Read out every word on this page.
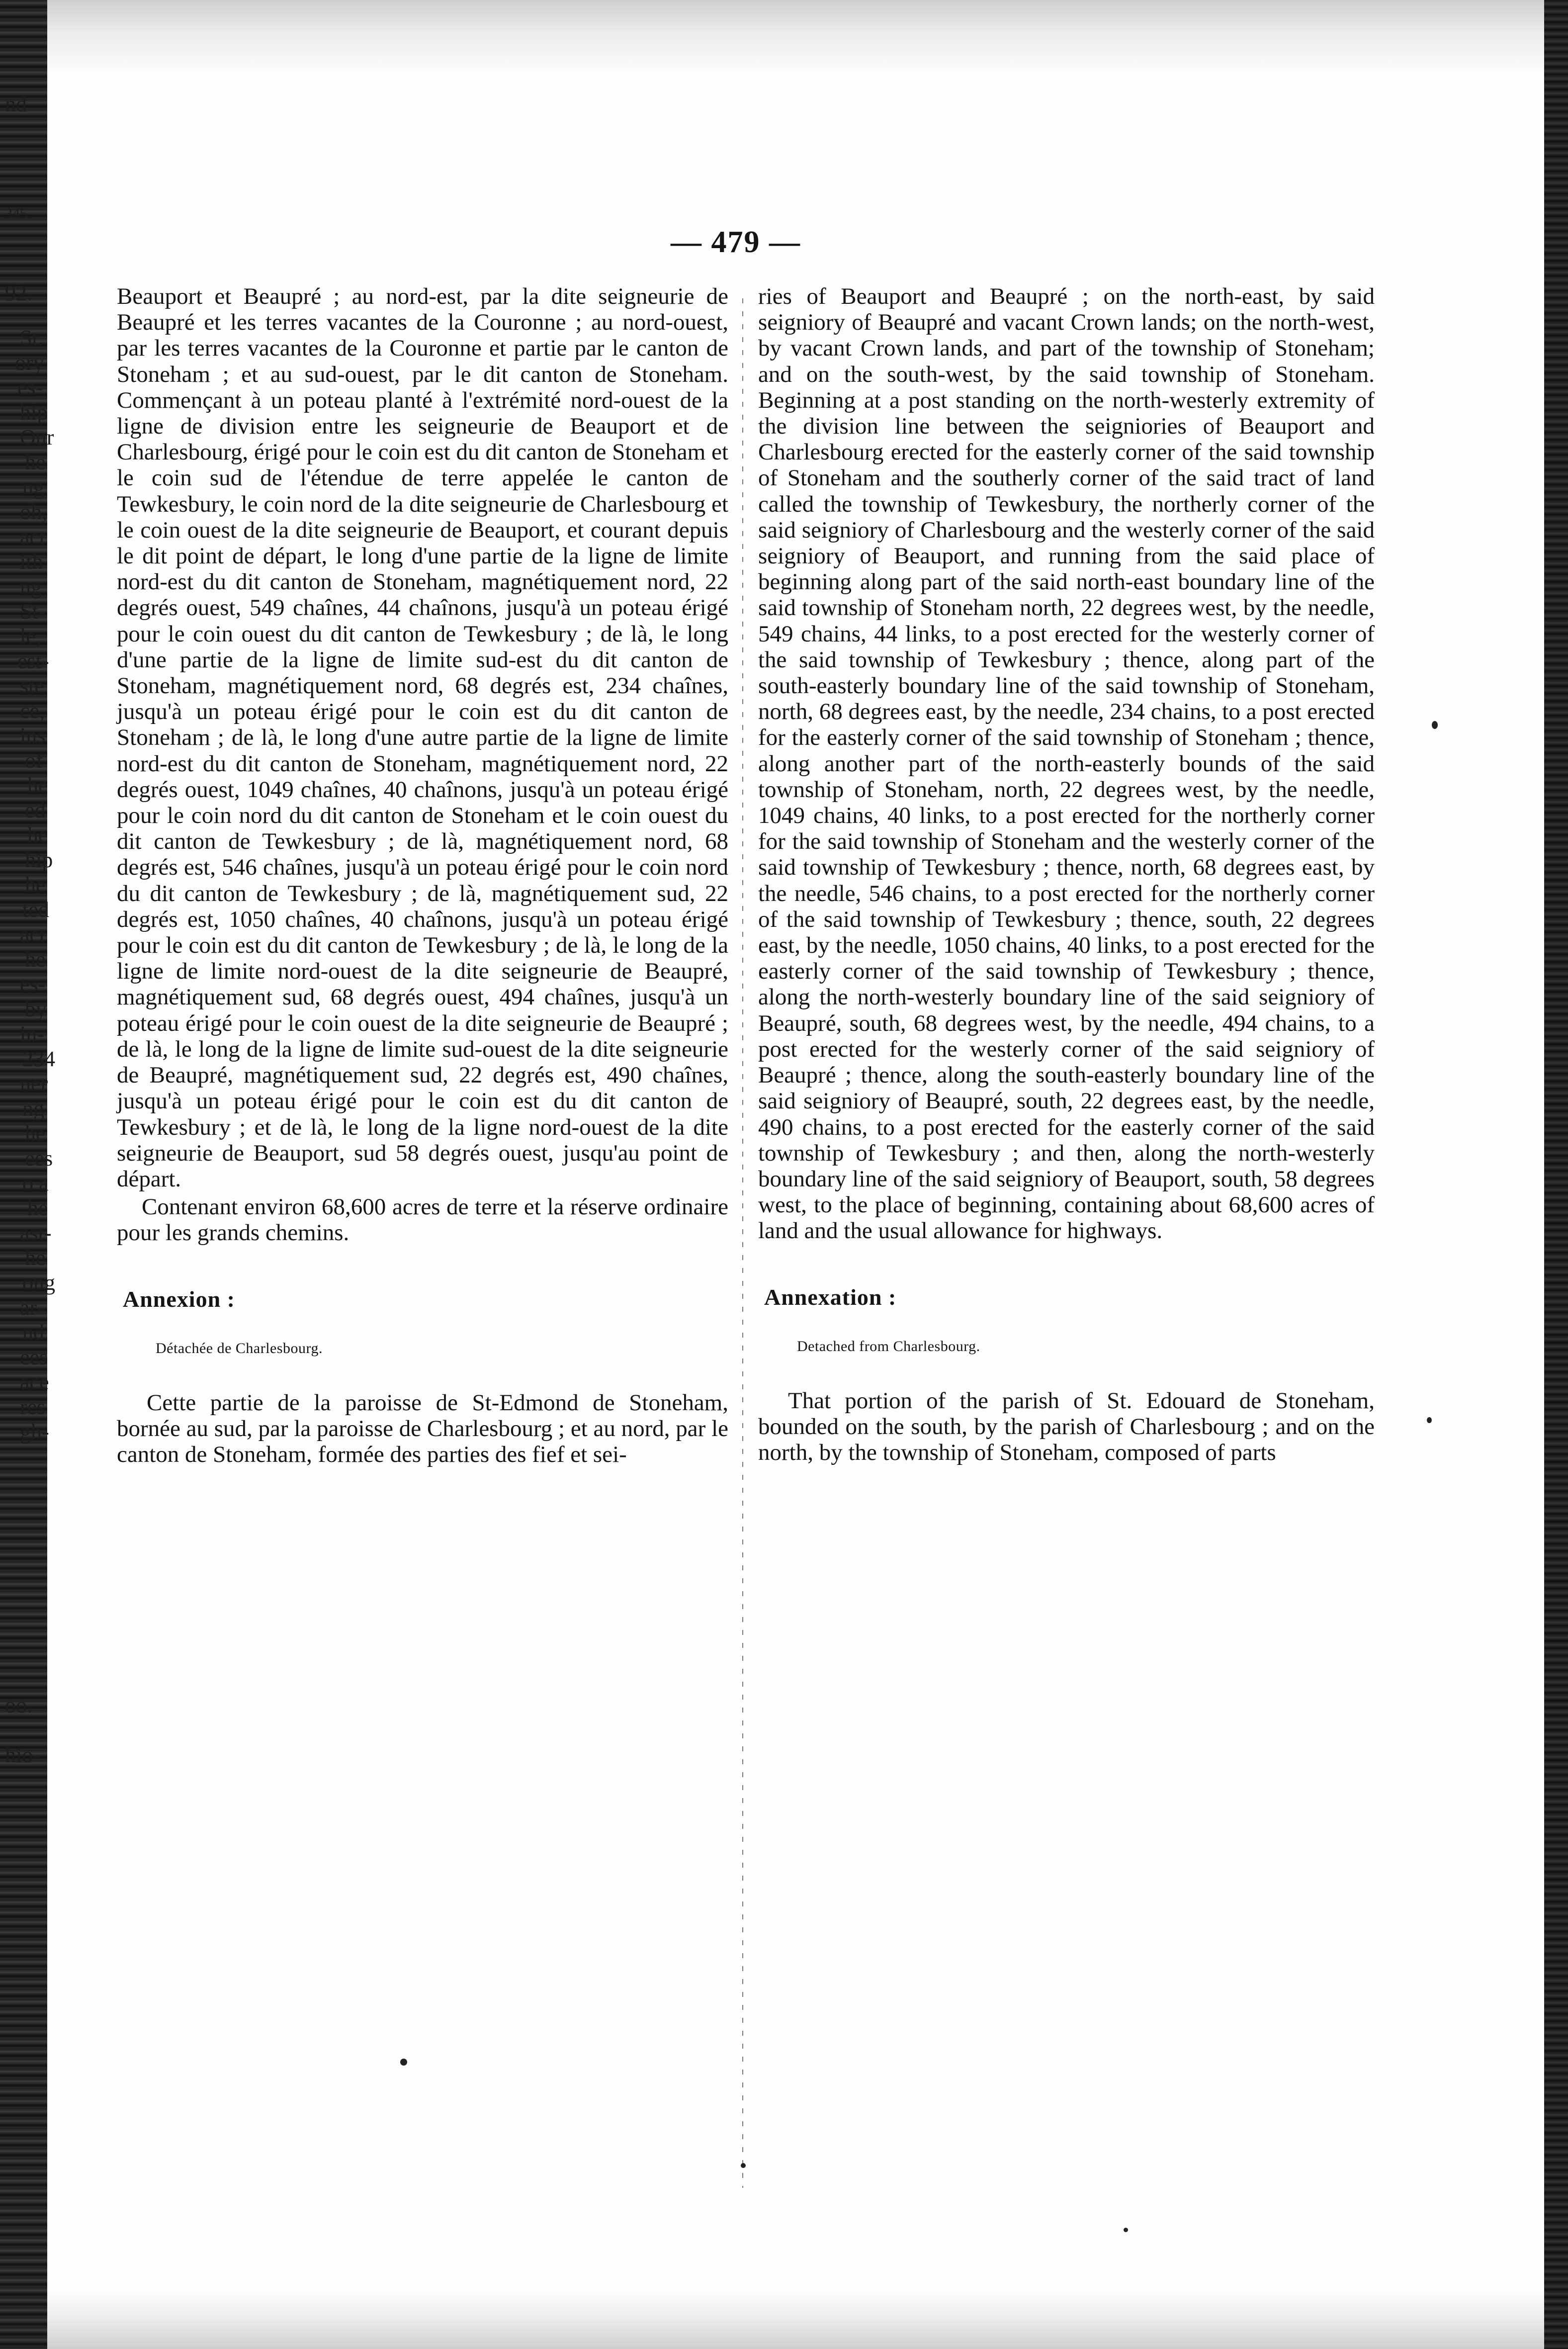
nd
345.
92.
St.
ory
es-
hip
Our
he
ng
oh,
act
ith
ng
St-
le,
est-
ste
ce,
ins
of
he
ed
he
hip
he
ted
act
he
es-
by
in-
234
ner
ng
he
ees
o a
he
ast-
he
ong
ar-
nd
ees
ace
res
gh-
oo.
hio-
— 479 —

Beauport et Beaupré ; au nord-est, par la dite seigneurie de Beaupré et les terres vacantes de la Couronne ; au nord-ouest, par les terres vacantes de la Couronne et partie par le canton de Stoneham ; et au sud-ouest, par le dit canton de Stoneham. Commençant à un poteau planté à l'extrémité nord-ouest de la ligne de division entre les seigneurie de Beauport et de Charlesbourg, érigé pour le coin est du dit canton de Stoneham et le coin sud de l'étendue de terre appelée le canton de Tewkesbury, le coin nord de la dite seigneurie de Charlesbourg et le coin ouest de la dite seigneurie de Beauport, et courant depuis le dit point de départ, le long d'une partie de la ligne de limite nord-est du dit canton de Stoneham, magnétiquement nord, 22 degrés ouest, 549 chaînes, 44 chaînons, jusqu'à un poteau érigé pour le coin ouest du dit canton de Tewkesbury ; de là, le long d'une partie de la ligne de limite sud-est du dit canton de Stoneham, magnétiquement nord, 68 degrés est, 234 chaînes, jusqu'à un poteau érigé pour le coin est du dit canton de Stoneham ; de là, le long d'une autre partie de la ligne de limite nord-est du dit canton de Stoneham, magnétiquement nord, 22 degrés ouest, 1049 chaînes, 40 chaînons, jusqu'à un poteau érigé pour le coin nord du dit canton de Stoneham et le coin ouest du dit canton de Tewkesbury ; de là, magnétiquement nord, 68 degrés est, 546 chaînes, jusqu'à un poteau érigé pour le coin nord du dit canton de Tewkesbury ; de là, magnétiquement sud, 22 degrés est, 1050 chaînes, 40 chaînons, jusqu'à un poteau érigé pour le coin est du dit canton de Tewkesbury ; de là, le long de la ligne de limite nord-ouest de la dite seigneurie de Beaupré, magnétiquement sud, 68 degrés ouest, 494 chaînes, jusqu'à un poteau érigé pour le coin ouest de la dite seigneurie de Beaupré ; de là, le long de la ligne de limite sud-ouest de la dite seigneurie de Beaupré, magnétiquement sud, 22 degrés est, 490 chaînes, jusqu'à un poteau érigé pour le coin est du dit canton de Tewkesbury ; et de là, le long de la ligne nord-ouest de la dite seigneurie de Beauport, sud 58 degrés ouest, jusqu'au point de départ.

Contenant environ 68,600 acres de terre et la réserve ordinaire pour les grands chemins.

Annexion :
Détachée de Charlesbourg.

Cette partie de la paroisse de St-Edmond de Stoneham, bornée au sud, par la paroisse de Charlesbourg ; et au nord, par le canton de Stoneham, formée des parties des fief et sei-

ries of Beauport and Beaupré ; on the north-east, by said seigniory of Beaupré and vacant Crown lands; on the north-west, by vacant Crown lands, and part of the township of Stoneham; and on the south-west, by the said township of Stoneham. Beginning at a post standing on the north-westerly extremity of the division line between the seigniories of Beauport and Charlesbourg erected for the easterly corner of the said township of Stoneham and the southerly corner of the said tract of land called the township of Tewkesbury, the northerly corner of the said seigniory of Charlesbourg and the westerly corner of the said seigniory of Beauport, and running from the said place of beginning along part of the said north-east boundary line of the said township of Stoneham north, 22 degrees west, by the needle, 549 chains, 44 links, to a post erected for the westerly corner of the said township of Tewkesbury ; thence, along part of the south-easterly boundary line of the said township of Stoneham, north, 68 degrees east, by the needle, 234 chains, to a post erected for the easterly corner of the said township of Stoneham ; thence, along another part of the north-easterly bounds of the said township of Stoneham, north, 22 degrees west, by the needle, 1049 chains, 40 links, to a post erected for the northerly corner for the said township of Stoneham and the westerly corner of the said township of Tewkesbury ; thence, north, 68 degrees east, by the needle, 546 chains, to a post erected for the northerly corner of the said township of Tewkesbury ; thence, south, 22 degrees east, by the needle, 1050 chains, 40 links, to a post erected for the easterly corner of the said township of Tewkesbury ; thence, along the north-westerly boundary line of the said seigniory of Beaupré, south, 68 degrees west, by the needle, 494 chains, to a post erected for the westerly corner of the said seigniory of Beaupré ; thence, along the south-easterly boundary line of the said seigniory of Beaupré, south, 22 degrees east, by the needle, 490 chains, to a post erected for the easterly corner of the said township of Tewkesbury ; and then, along the north-westerly boundary line of the said seigniory of Beauport, south, 58 degrees west, to the place of beginning, containing about 68,600 acres of land and the usual allowance for highways.

Annexation :
Detached from Charlesbourg.

That portion of the parish of St. Edouard de Stoneham, bounded on the south, by the parish of Charlesbourg ; and on the north, by the township of Stoneham, composed of parts
